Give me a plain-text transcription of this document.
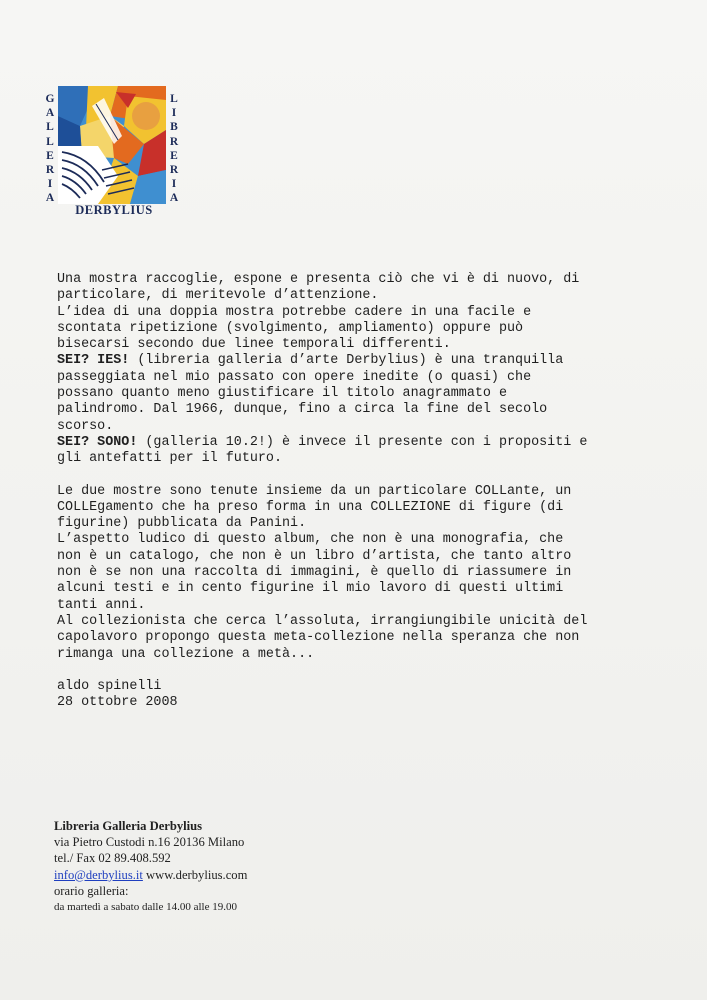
G
A
L
L
E
R
I
A
L
I
B
R
E
R
I
A
DERBYLIUS

Una mostra raccoglie, espone e presenta ciò che vi è di nuovo, di

particolare, di meritevole d’attenzione.

L’idea di una doppia mostra potrebbe cadere in una facile e

scontata ripetizione (svolgimento, ampliamento) oppure può

bisecarsi secondo due linee temporali differenti.

SEI? IES! (libreria galleria d’arte Derbylius) è una tranquilla

passeggiata nel mio passato con opere inedite (o quasi) che

possano quanto meno giustificare il titolo anagrammato e

palindromo. Dal 1966, dunque, fino a circa la fine del secolo

scorso.

SEI? SONO! (galleria 10.2!) è invece il presente con i propositi e

gli antefatti per il futuro.

Le due mostre sono tenute insieme da un particolare COLLante, un

COLLEgamento che ha preso forma in una COLLEZIONE di figure (di

figurine) pubblicata da Panini.

L’aspetto ludico di questo album, che non è una monografia, che

non è un catalogo, che non è un libro d’artista, che tanto altro

non è se non una raccolta di immagini, è quello di riassumere in

alcuni testi e in cento figurine il mio lavoro di questi ultimi

tanti anni.

Al collezionista che cerca l’assoluta, irrangiungibile unicità del

capolavoro propongo questa meta-collezione nella speranza che non

rimanga una collezione a metà...

aldo spinelli

28 ottobre 2008

Libreria Galleria Derbylius

via Pietro Custodi n.16 20136 Milano

tel./ Fax 02 89.408.592

info@derbylius.it www.derbylius.com

orario galleria:

da martedì a sabato dalle 14.00 alle 19.00
